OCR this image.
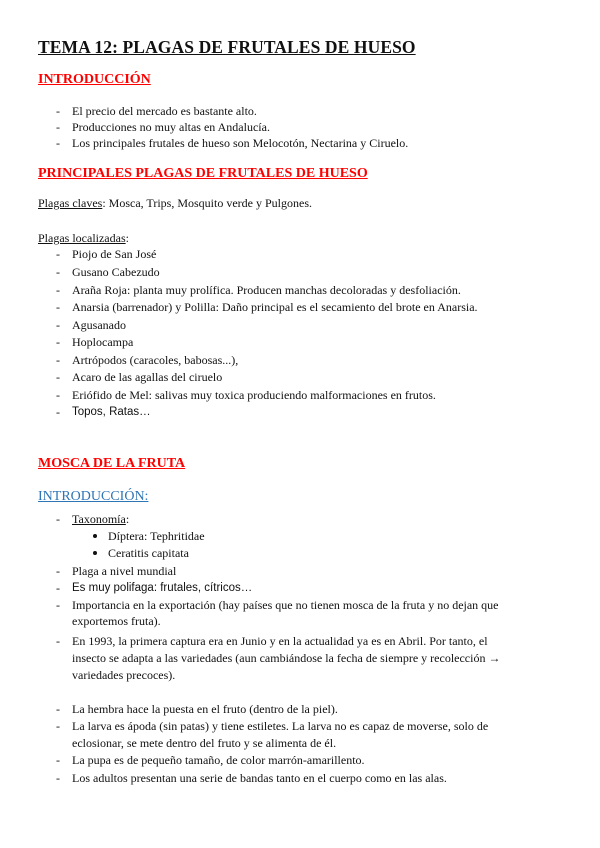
TEMA 12: PLAGAS DE FRUTALES DE HUESO
INTRODUCCIÓN
- El precio del mercado es bastante alto.
- Producciones no muy altas en Andalucía.
- Los principales frutales de hueso son Melocotón, Nectarina y Ciruelo.
PRINCIPALES PLAGAS DE FRUTALES DE HUESO
Plagas claves: Mosca, Trips, Mosquito verde y Pulgones.
Plagas localizadas:
- Piojo de San José
- Gusano Cabezudo
- Araña Roja: planta muy prolífica. Producen manchas decoloradas y desfoliación.
- Anarsia (barrenador) y Polilla: Daño principal es el secamiento del brote en Anarsia.
- Agusanado
- Hoplocampa
- Artrópodos (caracoles, babosas...),
- Acaro de las agallas del ciruelo
- Eriófido de Mel: salivas muy toxica produciendo malformaciones en frutos.
- Topos, Ratas…
MOSCA DE LA FRUTA
INTRODUCCIÓN:
- Taxonomía:
Díptera: Tephritidae
Ceratitis capitata
- Plaga a nivel mundial
- Es muy polifaga: frutales, cítricos…
- Importancia en la exportación (hay países que no tienen mosca de la fruta y no dejan que
exportemos fruta).
- En 1993, la primera captura era en Junio y en la actualidad ya es en Abril. Por tanto, el
insecto se adapta a las variedades (aun cambiándose la fecha de siempre y recolección →
variedades precoces).
- La hembra hace la puesta en el fruto (dentro de la piel).
- La larva es ápoda (sin patas) y tiene estiletes. La larva no es capaz de moverse, solo de
eclosionar, se mete dentro del fruto y se alimenta de él.
- La pupa es de pequeño tamaño, de color marrón-amarillento.
- Los adultos presentan una serie de bandas tanto en el cuerpo como en las alas.
